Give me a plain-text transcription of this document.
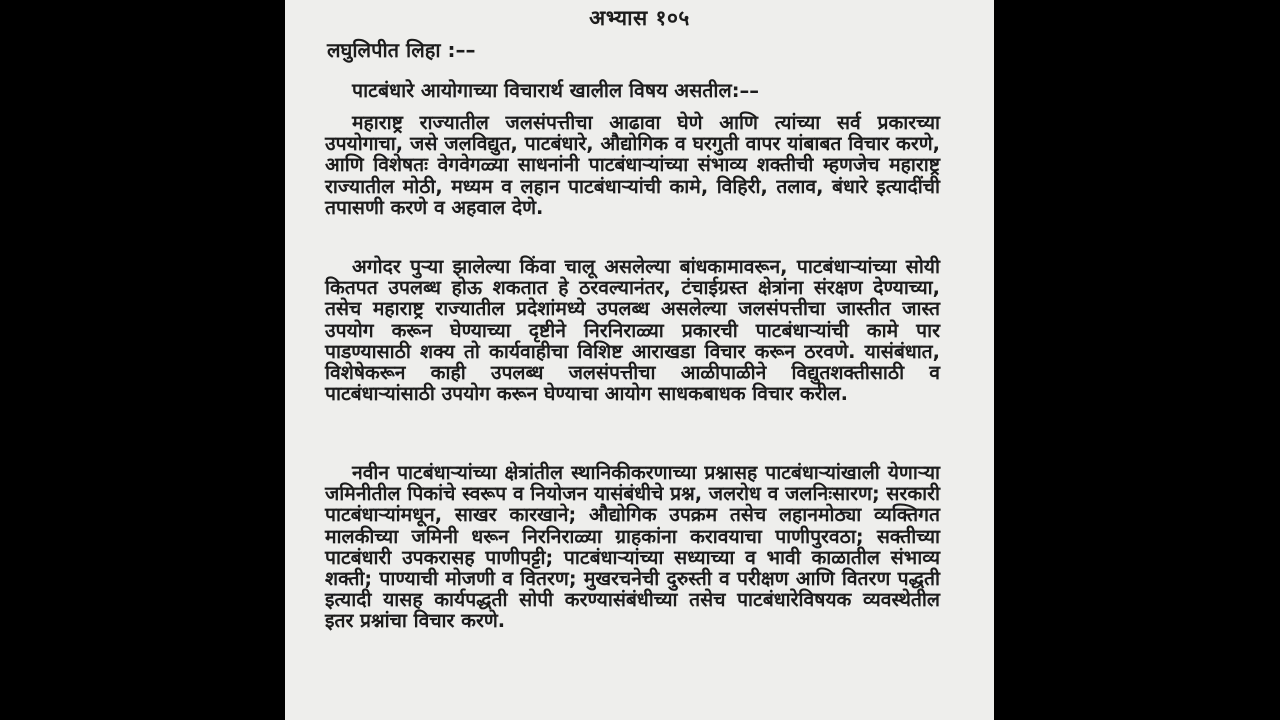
अभ्यास १०५
लघुलिपीत लिहा :––
पाटबंधारे आयोगाच्या विचारार्थ खालील विषय असतील:––

महाराष्ट्र राज्यातील जलसंपत्तीचा आढावा घेणे आणि त्यांच्या सर्व प्रकारच्या उपयोगाचा, जसे जलविद्युत, पाटबंधारे, औद्योगिक व घरगुती वापर यांबाबत विचार करणे, आणि विशेषतः वेगवेगळ्या साधनांनी पाटबंधाऱ्यांच्या संभाव्य शक्तीची म्हणजेच महाराष्ट्र राज्यातील मोठी, मध्यम व लहान पाटबंधाऱ्यांची कामे, विहिरी, तलाव, बंधारे इत्यादींची तपासणी करणे व अहवाल देणे.

अगोदर पुऱ्या झालेल्या किंवा चालू असलेल्या बांधकामावरून, पाटबंधाऱ्यांच्या सोयी कितपत उपलब्ध होऊ शकतात हे ठरवल्यानंतर, टंचाईग्रस्त क्षेत्रांना संरक्षण देण्याच्या, तसेच महाराष्ट्र राज्यातील प्रदेशांमध्ये उपलब्ध असलेल्या जलसंपत्तीचा जास्तीत जास्त उपयोग करून घेण्याच्या दृष्टीने निरनिराळ्या प्रकारची पाटबंधाऱ्यांची कामे पार पाडण्यासाठी शक्य तो कार्यवाहीचा विशिष्ट आराखडा विचार करून ठरवणे. यासंबंधात, विशेषेकरून काही उपलब्ध जलसंपत्तीचा आळीपाळीने विद्युतशक्तीसाठी व पाटबंधाऱ्यांसाठी उपयोग करून घेण्याचा आयोग साधकबाधक विचार करील.

नवीन पाटबंधाऱ्यांच्या क्षेत्रांतील स्थानिकीकरणाच्या प्रश्नासह पाटबंधाऱ्यांखाली येणाऱ्या जमिनीतील पिकांचे स्वरूप व नियोजन यासंबंधीचे प्रश्न, जलरोध व जलनिःसारण; सरकारी पाटबंधाऱ्यांमधून, साखर कारखाने; औद्योगिक उपक्रम तसेच लहानमोठ्या व्यक्तिगत मालकीच्या जमिनी धरून निरनिराळ्या ग्राहकांना करावयाचा पाणीपुरवठा; सक्तीच्या पाटबंधारी उपकरासह पाणीपट्टी; पाटबंधाऱ्यांच्या सध्याच्या व भावी काळातील संभाव्य शक्ती; पाण्याची मोजणी व वितरण; मुखरचनेची दुरुस्ती व परीक्षण आणि वितरण पद्धती इत्यादी यासह कार्यपद्धती सोपी करण्यासंबंधीच्या तसेच पाटबंधारेविषयक व्यवस्थेतील इतर प्रश्नांचा विचार करणे.
